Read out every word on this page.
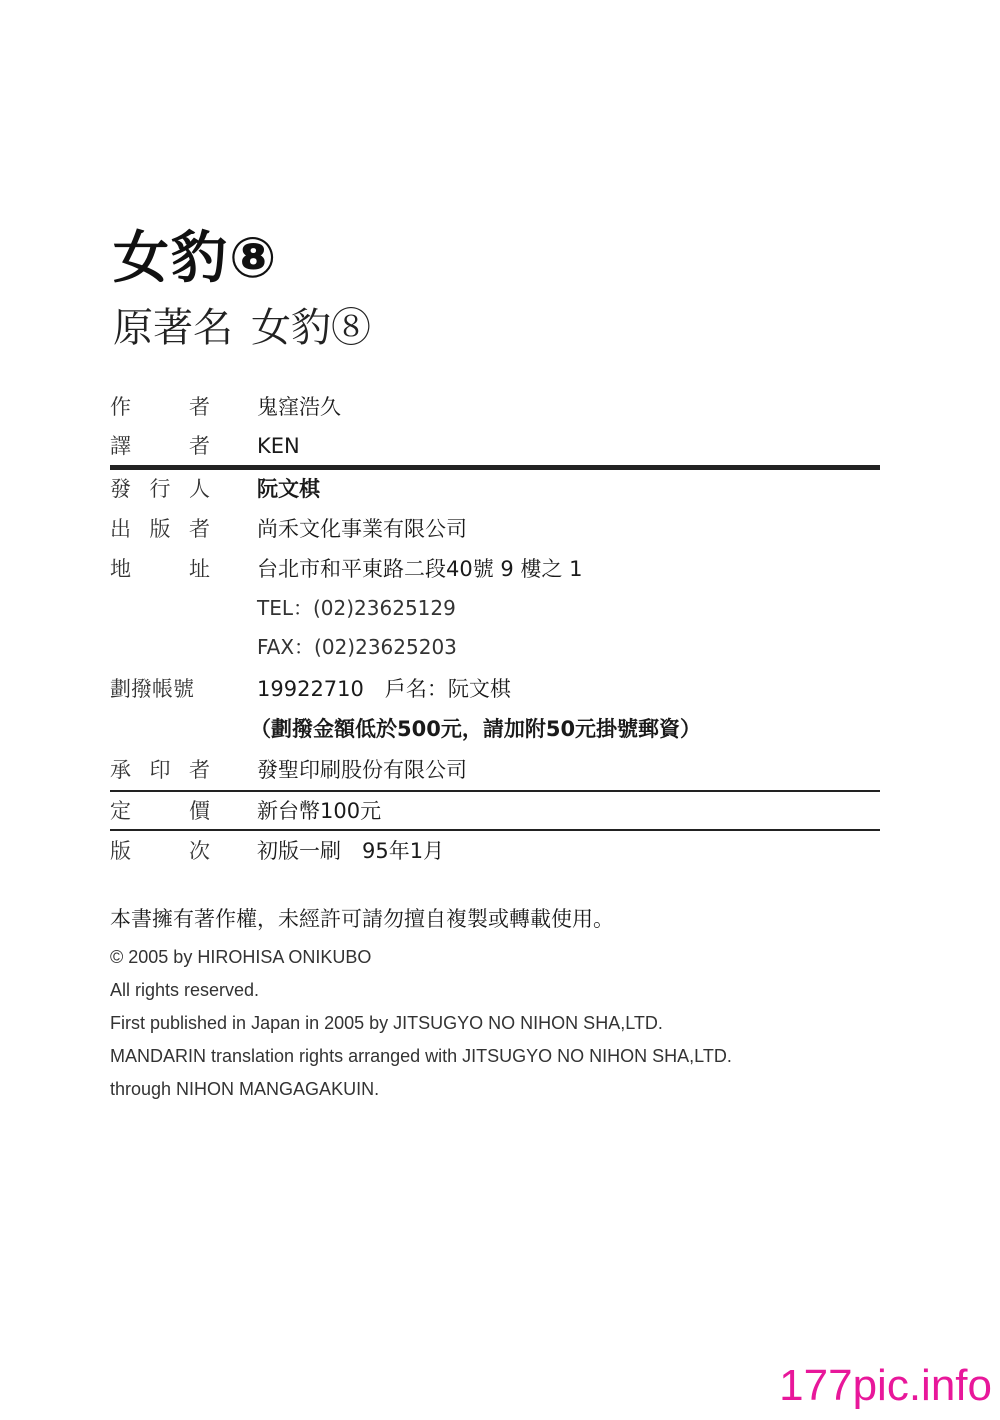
女豹⑧
原著名 女豹⑧
作	者 鬼窪浩久
譯	者 KEN
發 行 人 阮文棋
出 版 者 尚禾文化事業有限公司
地	址 台北市和平東路二段40號 9 樓之 1
TEL：(02)23625129
FAX：(02)23625203
劃撥帳號	19922710　戶名：阮文棋
（劃撥金額低於500元，請加附50元掛號郵資）
承 印 者 發聖印刷股份有限公司
定	價 新台幣100元
版	次 初版一刷　95年1月
本書擁有著作權，未經許可請勿擅自複製或轉載使用。
© 2005 by HIROHISA ONIKUBO
All rights reserved.
First published in Japan in 2005 by JITSUGYO NO NIHON SHA,LTD.
MANDARIN translation rights arranged with JITSUGYO NO NIHON SHA,LTD.
through NIHON MANGAGAKUIN.
177pic.info
